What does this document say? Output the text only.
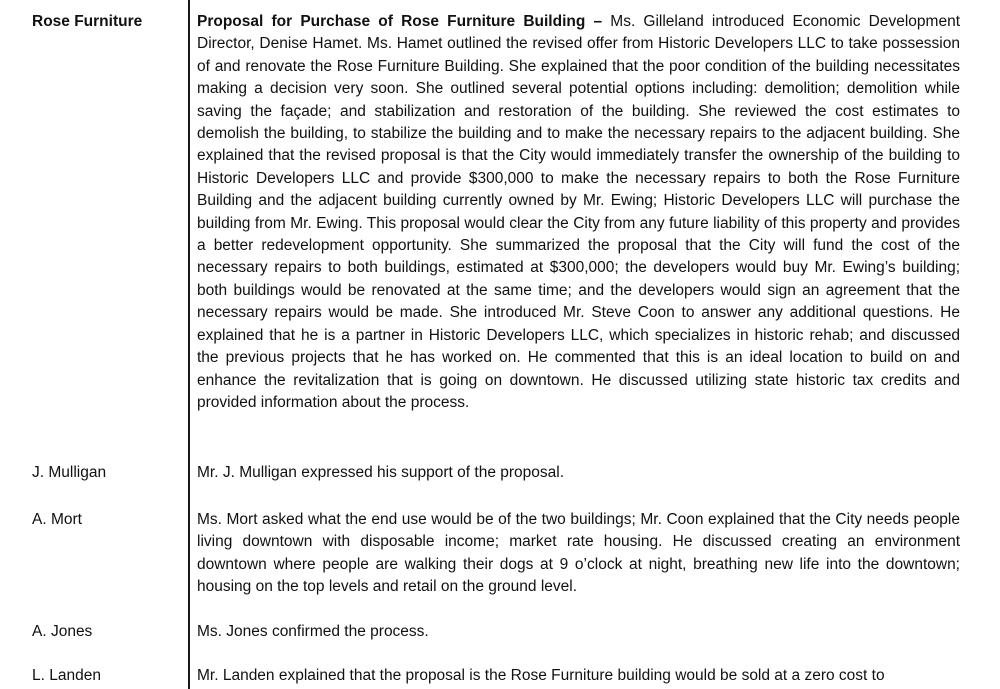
Rose Furniture	Proposal for Purchase of Rose Furniture Building – Ms. Gilleland introduced Economic Development Director, Denise Hamet. Ms. Hamet outlined the revised offer from Historic Developers LLC to take possession of and renovate the Rose Furniture Building. She explained that the poor condition of the building necessitates making a decision very soon. She outlined several potential options including: demolition; demolition while saving the façade; and stabilization and restoration of the building. She reviewed the cost estimates to demolish the building, to stabilize the building and to make the necessary repairs to the adjacent building. She explained that the revised proposal is that the City would immediately transfer the ownership of the building to Historic Developers LLC and provide $300,000 to make the necessary repairs to both the Rose Furniture Building and the adjacent building currently owned by Mr. Ewing; Historic Developers LLC will purchase the building from Mr. Ewing. This proposal would clear the City from any future liability of this property and provides a better redevelopment opportunity. She summarized the proposal that the City will fund the cost of the necessary repairs to both buildings, estimated at $300,000; the developers would buy Mr. Ewing’s building; both buildings would be renovated at the same time; and the developers would sign an agreement that the necessary repairs would be made. She introduced Mr. Steve Coon to answer any additional questions. He explained that he is a partner in Historic Developers LLC, which specializes in historic rehab; and discussed the previous projects that he has worked on. He commented that this is an ideal location to build on and enhance the revitalization that is going on downtown. He discussed utilizing state historic tax credits and provided information about the process.
J. Mulligan	Mr. J. Mulligan expressed his support of the proposal.
A. Mort	Ms. Mort asked what the end use would be of the two buildings; Mr. Coon explained that the City needs people living downtown with disposable income; market rate housing. He discussed creating an environment downtown where people are walking their dogs at 9 o’clock at night, breathing new life into the downtown; housing on the top levels and retail on the ground level.
A. Jones	Ms. Jones confirmed the process.
L. Landen	Mr. Landen explained that the proposal is the Rose Furniture building would be sold at a zero cost to
